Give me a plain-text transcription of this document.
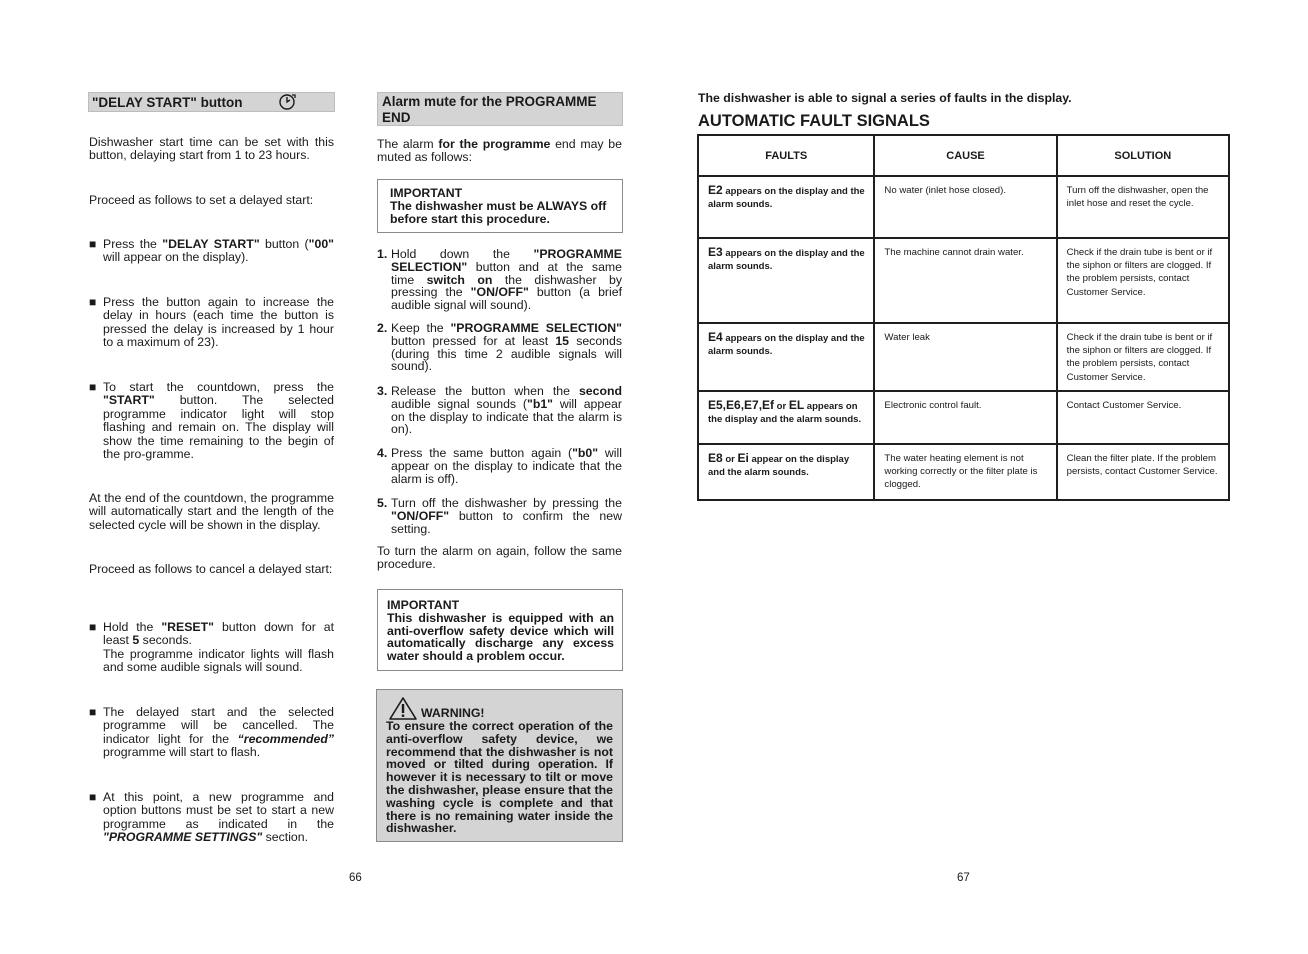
"DELAY START" button
Dishwasher start time can be set with this button, delaying start from 1 to 23 hours.
Proceed as follows to set a delayed start:
■ Press the "DELAY START" button ("00" will appear on the display).
■ Press the button again to increase the delay in hours (each time the button is pressed the delay is increased by 1 hour to a maximum of 23).
■ To start the countdown, press the "START" button. The selected programme indicator light will stop flashing and remain on. The display will show the time remaining to the begin of the pro-gramme.
At the end of the countdown, the programme will automatically start and the length of the selected cycle will be shown in the display.
Proceed as follows to cancel a delayed start:
■ Hold the "RESET" button down for at least 5 seconds.
The programme indicator lights will flash and some audible signals will sound.
■ The delayed start and the selected programme will be cancelled. The indicator light for the “recommended” programme will start to flash.
■ At this point, a new programme and option buttons must be set to start a new programme as indicated in the "PROGRAMME SETTINGS" section.
Alarm mute for the PROGRAMME END
The alarm for the programme end may be muted as follows:
IMPORTANT
The dishwasher must be ALWAYS off before start this procedure.
1. Hold down the "PROGRAMME SELECTION" button and at the same time switch on the dishwasher by pressing the "ON/OFF" button (a brief audible signal will sound).
2. Keep the "PROGRAMME SELECTION" button pressed for at least 15 seconds (during this time 2 audible signals will sound).
3. Release the button when the second audible signal sounds ("b1" will appear on the display to indicate that the alarm is on).
4. Press the same button again ("b0" will appear on the display to indicate that the alarm is off).
5. Turn off the dishwasher by pressing the "ON/OFF" button to confirm the new setting.
To turn the alarm on again, follow the same procedure.
IMPORTANT
This dishwasher is equipped with an anti-overflow safety device which will automatically discharge any excess water should a problem occur.
WARNING!
To ensure the correct operation of the anti-overflow safety device, we recommend that the dishwasher is not moved or tilted during operation. If however it is necessary to tilt or move the dishwasher, please ensure that the washing cycle is complete and that there is no remaining water inside the dishwasher.
66
The dishwasher is able to signal a series of faults in the display.
AUTOMATIC FAULT SIGNALS
FAULTS	CAUSE	SOLUTION
E2 appears on the display and the alarm sounds.	No water (inlet hose closed).	Turn off the dishwasher, open the inlet hose and reset the cycle.
E3 appears on the display and the alarm sounds.	The machine cannot drain water.	Check if the drain tube is bent or if the siphon or filters are clogged. If the problem persists, contact Customer Service.
E4 appears on the display and the alarm sounds.	Water leak	Check if the drain tube is bent or if the siphon or filters are clogged. If the problem persists, contact Customer Service.
E5,E6,E7,Ef or EL appears on the display and the alarm sounds.	Electronic control fault.	Contact Customer Service.
E8 or Ei appear on the display and the alarm sounds.	The water heating element is not working correctly or the filter plate is clogged.	Clean the filter plate. If the problem persists, contact Customer Service.
67
